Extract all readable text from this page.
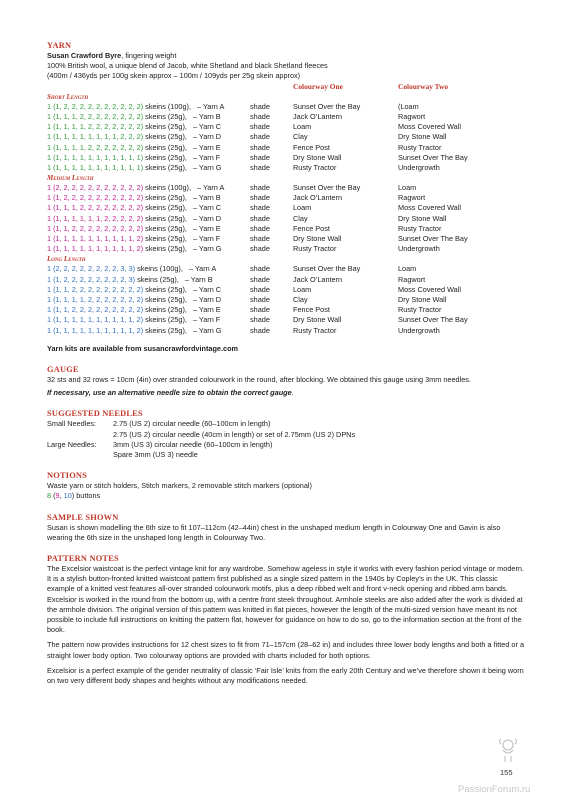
YARN

Susan Crawford Byre, fingering weight

100% British wool, a unique blend of Jacob, white Shetland and black Shetland fleeces

(400m / 436yds per 100g skein approx – 100m / 109yds per 25g skein approx)

Colourway One	Colourway Two
Short Length
1 (1, 2, 2, 2, 2, 2, 2, 2, 2, 2, 2) skeins (100g), – Yarn A	shade	Sunset Over the Bay	(Loam
1 (1, 1, 1, 2, 2, 2, 2, 2, 2, 2, 2) skeins (25g), – Yarn B	shade	Jack O’Lantern	Ragwort
1 (1, 1, 1, 1, 2, 2, 2, 2, 2, 2, 2) skeins (25g), – Yarn C	shade	Loam	Moss Covered Wall
1 (1, 1, 1, 1, 1, 1, 1, 1, 2, 2, 2) skeins (25g), – Yarn D	shade	Clay	Dry Stone Wall
1 (1, 1, 1, 1, 2, 2, 2, 2, 2, 2, 2) skeins (25g), – Yarn E	shade	Fence Post	Rusty Tractor
1 (1, 1, 1, 1, 1, 1, 1, 1, 1, 1, 1) skeins (25g), – Yarn F	shade	Dry Stone Wall	Sunset Over The Bay
1 (1, 1, 1, 1, 1, 1, 1, 1, 1, 1, 1) skeins (25g), – Yarn G	shade	Rusty Tractor	Undergrowth
Medium Length
1 (2, 2, 2, 2, 2, 2, 2, 2, 2, 2, 2) skeins (100g), – Yarn A	shade	Sunset Over the Bay	Loam
1 (1, 2, 2, 2, 2, 2, 2, 2, 2, 2, 2) skeins (25g), – Yarn B	shade	Jack O’Lantern	Ragwort
1 (1, 1, 1, 2, 2, 2, 2, 2, 2, 2, 2) skeins (25g), – Yarn C	shade	Loam	Moss Covered Wall
1 (1, 1, 1, 1, 1, 1, 2, 2, 2, 2, 2) skeins (25g), – Yarn D	shade	Clay	Dry Stone Wall
1 (1, 1, 2, 2, 2, 2, 2, 2, 2, 2, 2) skeins (25g), – Yarn E	shade	Fence Post	Rusty Tractor
1 (1, 1, 1, 1, 1, 1, 1, 1, 1, 1, 2) skeins (25g), – Yarn F	shade	Dry Stone Wall	Sunset Over The Bay
1 (1, 1, 1, 1, 1, 1, 1, 1, 1, 1, 2) skeins (25g), – Yarn G	shade	Rusty Tractor	Undergrowth
Long Length
1 (2, 2, 2, 2, 2, 2, 2, 2, 3, 3) skeins (100g), – Yarn A	shade	Sunset Over the Bay	Loam
1 (1, 2, 2, 2, 2, 2, 2, 2, 2, 3) skeins (25g), – Yarn B	shade	Jack O’Lantern	Ragwort
1 (1, 1, 2, 2, 2, 2, 2, 2, 2, 2, 2) skeins (25g), – Yarn C	shade	Loam	Moss Covered Wall
1 (1, 1, 1, 1, 2, 2, 2, 2, 2, 2, 2) skeins (25g), – Yarn D	shade	Clay	Dry Stone Wall
1 (1, 1, 2, 2, 2, 2, 2, 2, 2, 2, 2) skeins (25g), – Yarn E	shade	Fence Post	Rusty Tractor
1 (1, 1, 1, 1, 1, 1, 1, 1, 1, 1, 2) skeins (25g), – Yarn F	shade	Dry Stone Wall	Sunset Over The Bay
1 (1, 1, 1, 1, 1, 1, 1, 1, 1, 1, 2) skeins (25g), – Yarn G	shade	Rusty Tractor	Undergrowth

Yarn kits are available from susancrawfordvintage.com

GAUGE

32 sts and 32 rows = 10cm (4in) over stranded colourwork in the round, after blocking. We obtained this gauge using 3mm needles.

If necessary, use an alternative needle size to obtain the correct gauge.

SUGGESTED NEEDLES
Small Needles: 2.75 (US 2) circular needle (60–100cm in length)
2.75 (US 2) circular needle (40cm in length) or set of 2.75mm (US 2) DPNs
Large Needles: 3mm (US 3) circular needle (60–100cm in length)
Spare 3mm (US 3) needle
NOTIONS

Waste yarn or stitch holders, Stitch markers, 2 removable stitch markers (optional)

8 (9, 10) buttons

SAMPLE SHOWN

Susan is shown modelling the 6th size to fit 107–112cm (42–44in) chest in the unshaped medium length in Colourway One and Gavin is also wearing the 6th size in the unshaped long length in Colourway Two.

PATTERN NOTES

The Excelsior waistcoat is the perfect vintage knit for any wardrobe. Somehow ageless in style it works with every fashion period vintage or modern. It is a stylish button-fronted knitted waistcoat pattern first published as a single sized pattern in the 1940s by Copley’s in the UK. This classic example of a knitted vest features all-over stranded colourwork motifs, plus a deep ribbed welt and front v-neck opening and ribbed arm bands. Excelsior is worked in the round from the bottom up, with a centre front steek throughout. Armhole steeks are also added after the work is divided at the armhole division. The original version of this pattern was knitted in flat pieces, however the length of the multi-sized version have meant its not possible to include full instructions on knitting the pattern flat, however for guidance on how to do so, go to the information section at the front of the book.

The pattern now provides instructions for 12 chest sizes to fit from 71–157cm (28–62 in) and includes three lower body lengths and both a fitted or a straight lower body option. Two colourway options are provided with charts included for both options.

Excelsior is a perfect example of the gender neutrality of classic ‘Fair Isle’ knits from the early 20th Century and we’ve therefore shown it being worn on two very different body shapes and heights without any modifications needed.

155
PassionForum.ru
